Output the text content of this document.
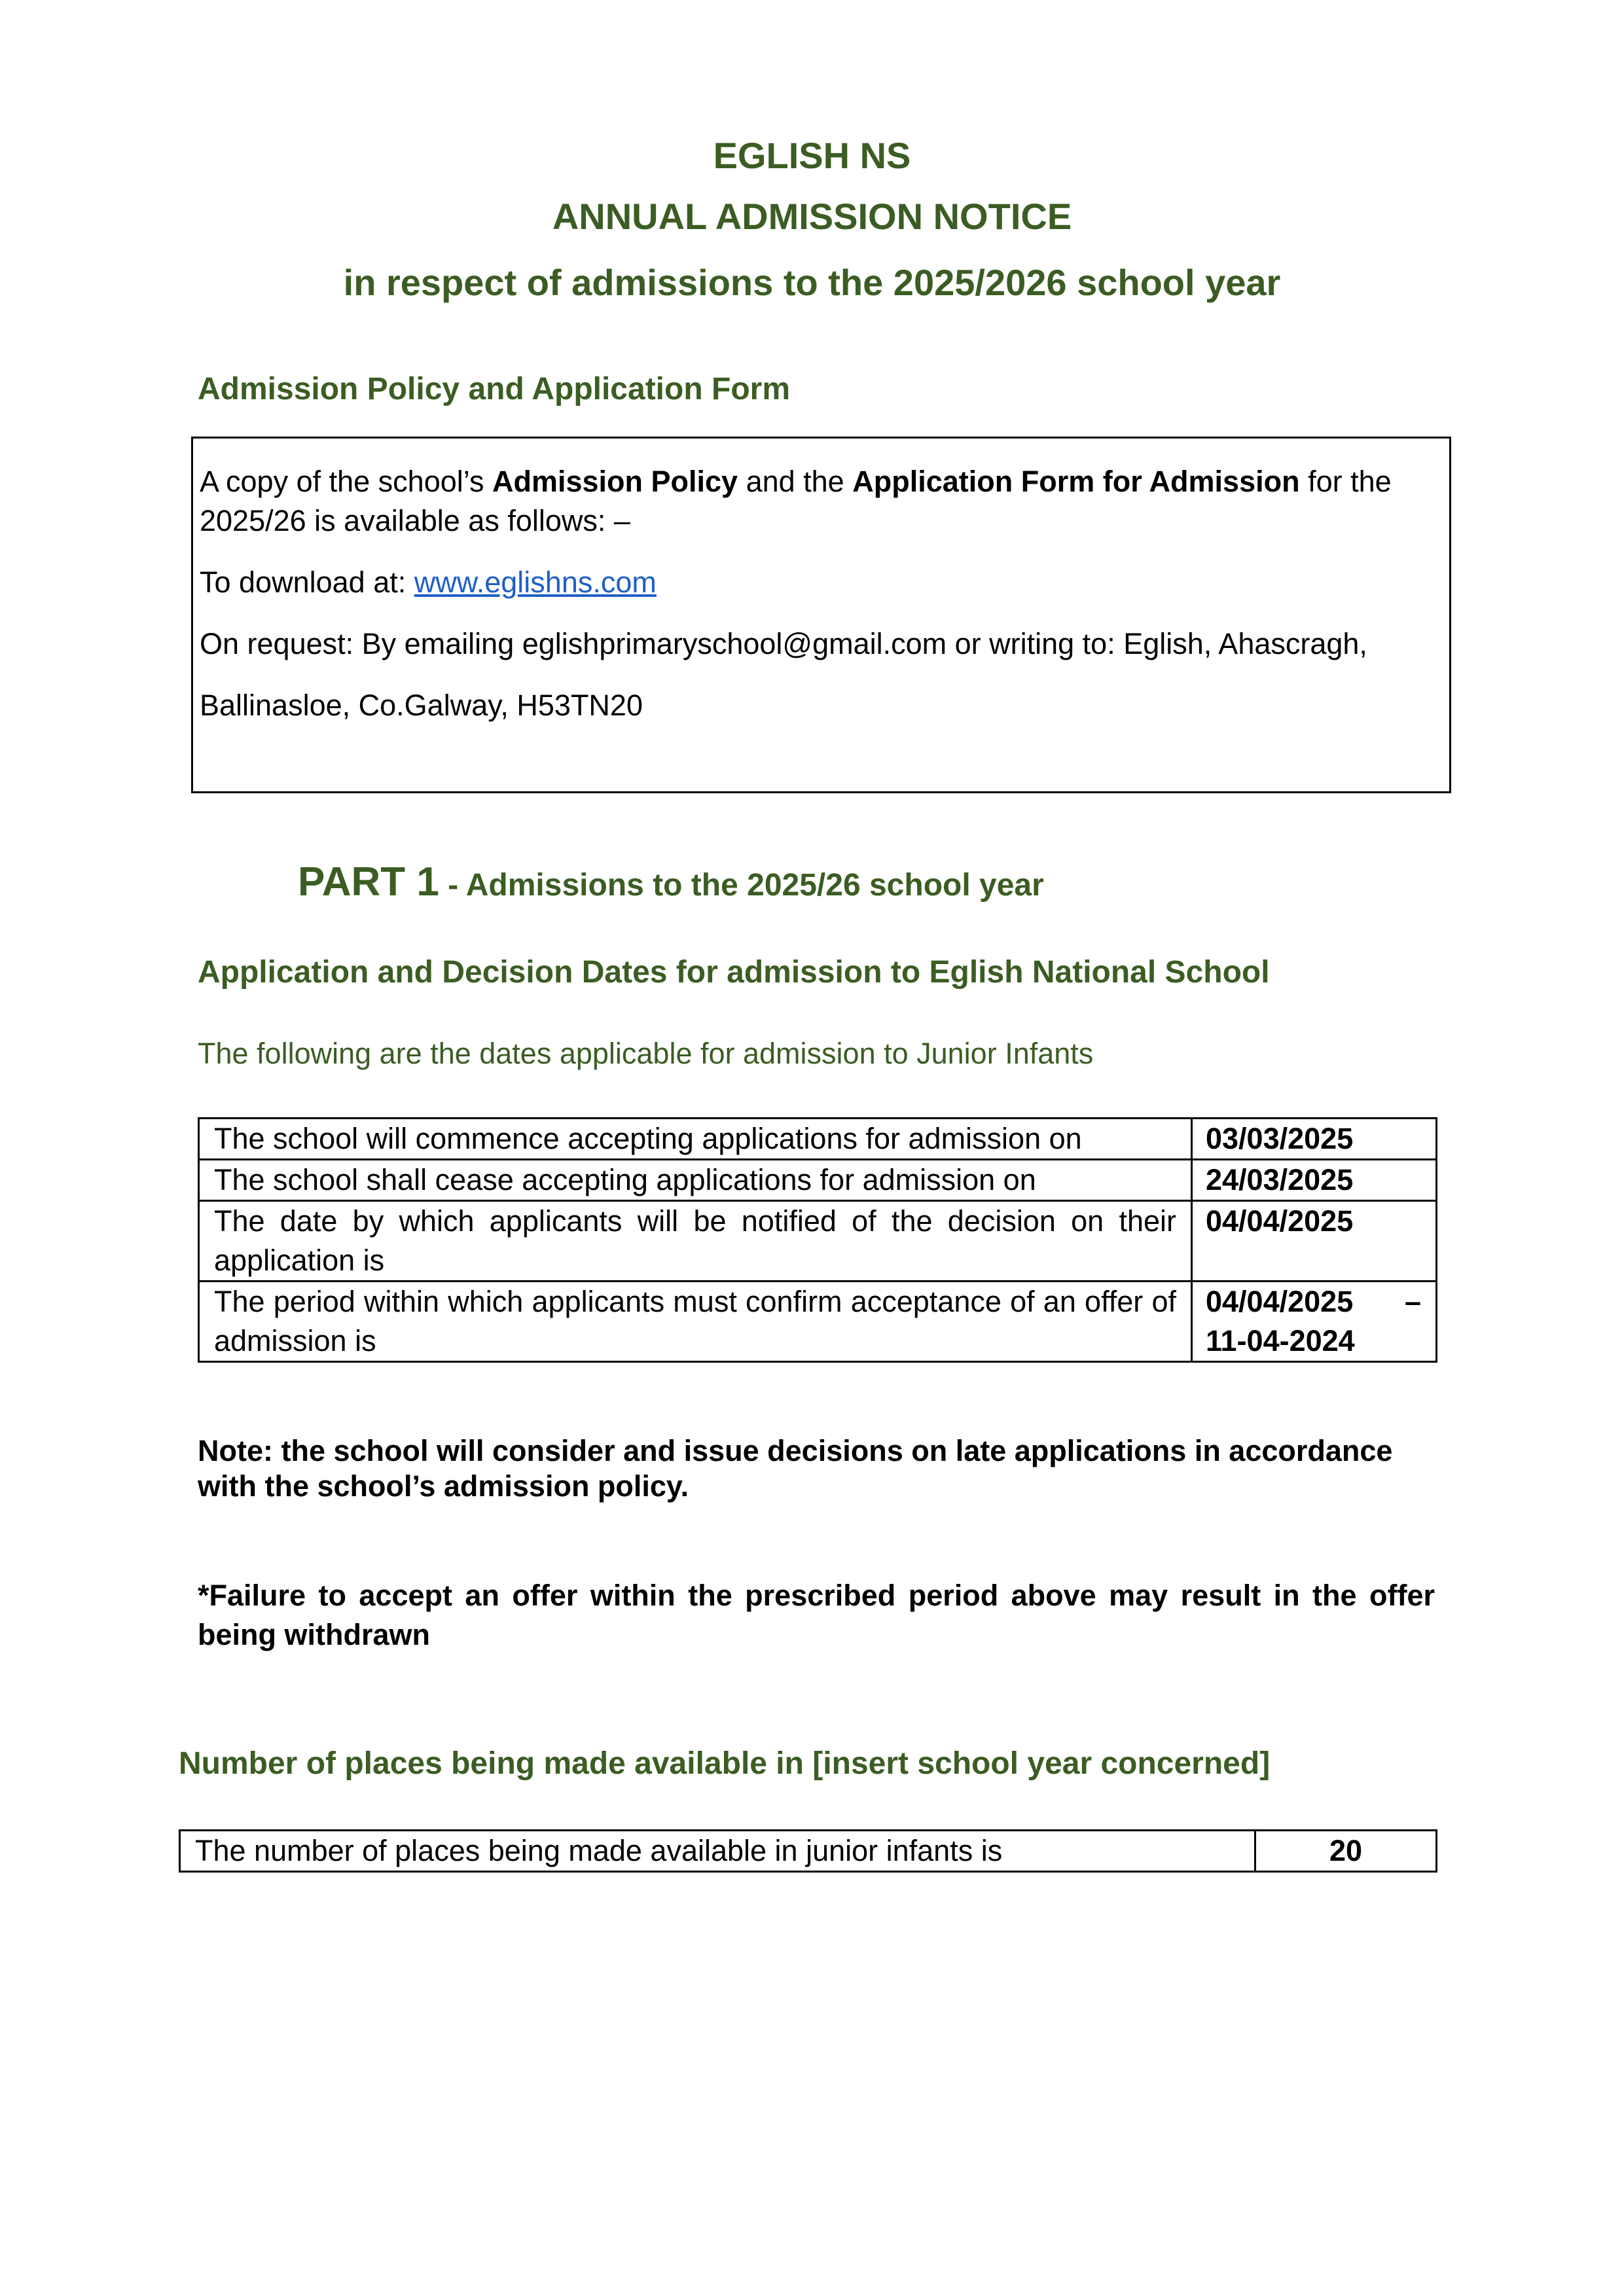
EGLISH NS
ANNUAL ADMISSION NOTICE
in respect of admissions to the 2025/2026 school year
Admission Policy and Application Form
A copy of the school’s Admission Policy and the Application Form for Admission for the
2025/26 is available as follows: –
To download at: www.eglishns.com
On request: By emailing eglishprimaryschool@gmail.com or writing to: Eglish, Ahascragh,
Ballinasloe, Co.Galway, H53TN20
PART 1 - Admissions to the 2025/26 school year
Application and Decision Dates for admission to Eglish National School
The following are the dates applicable for admission to Junior Infants
The school will commence accepting applications for admission on	03/03/2025
The school shall cease accepting applications for admission on	24/03/2025
The date by which applicants will be notified of the decision on their application is	04/04/2025
The period within which applicants must confirm acceptance of an offer of admission is	04/04/2025 –
11-04-2024
Note: the school will consider and issue decisions on late applications in accordance
with the school’s admission policy.
*Failure to accept an offer within the prescribed period above may result in the offer being withdrawn
Number of places being made available in [insert school year concerned]
The number of places being made available in junior infants is	20
